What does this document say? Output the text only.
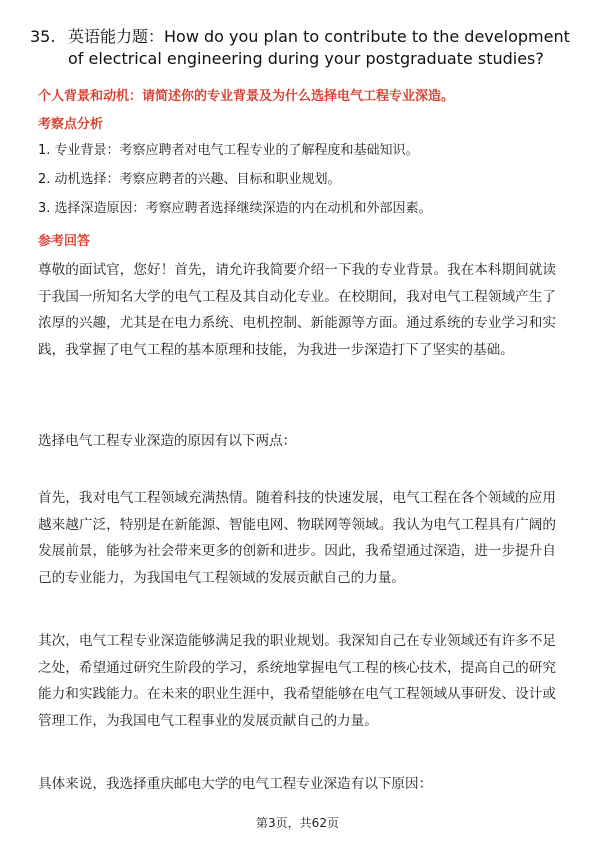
35. 英语能力题：How do you plan to contribute to the development
of electrical engineering during your postgraduate studies?
个人背景和动机：请简述你的专业背景及为什么选择电气工程专业深造。
考察点分析
1. 专业背景：考察应聘者对电气工程专业的了解程度和基础知识。
2. 动机选择：考察应聘者的兴趣、目标和职业规划。
3. 选择深造原因：考察应聘者选择继续深造的内在动机和外部因素。
参考回答

尊敬的面试官，您好！首先，请允许我简要介绍一下我的专业背景。我在本科期间就读于我国一所知名大学的电气工程及其自动化专业。在校期间，我对电气工程领域产生了浓厚的兴趣，尤其是在电力系统、电机控制、新能源等方面。通过系统的专业学习和实践，我掌握了电气工程的基本原理和技能，为我进一步深造打下了坚实的基础。

选择电气工程专业深造的原因有以下两点：

首先，我对电气工程领域充满热情。随着科技的快速发展，电气工程在各个领域的应用越来越广泛，特别是在新能源、智能电网、物联网等领域。我认为电气工程具有广阔的发展前景，能够为社会带来更多的创新和进步。因此，我希望通过深造，进一步提升自己的专业能力，为我国电气工程领域的发展贡献自己的力量。

其次，电气工程专业深造能够满足我的职业规划。我深知自己在专业领域还有许多不足之处，希望通过研究生阶段的学习，系统地掌握电气工程的核心技术，提高自己的研究能力和实践能力。在未来的职业生涯中，我希望能够在电气工程领域从事研发、设计或管理工作，为我国电气工程事业的发展贡献自己的力量。

具体来说，我选择重庆邮电大学的电气工程专业深造有以下原因：

第3页，共62页
